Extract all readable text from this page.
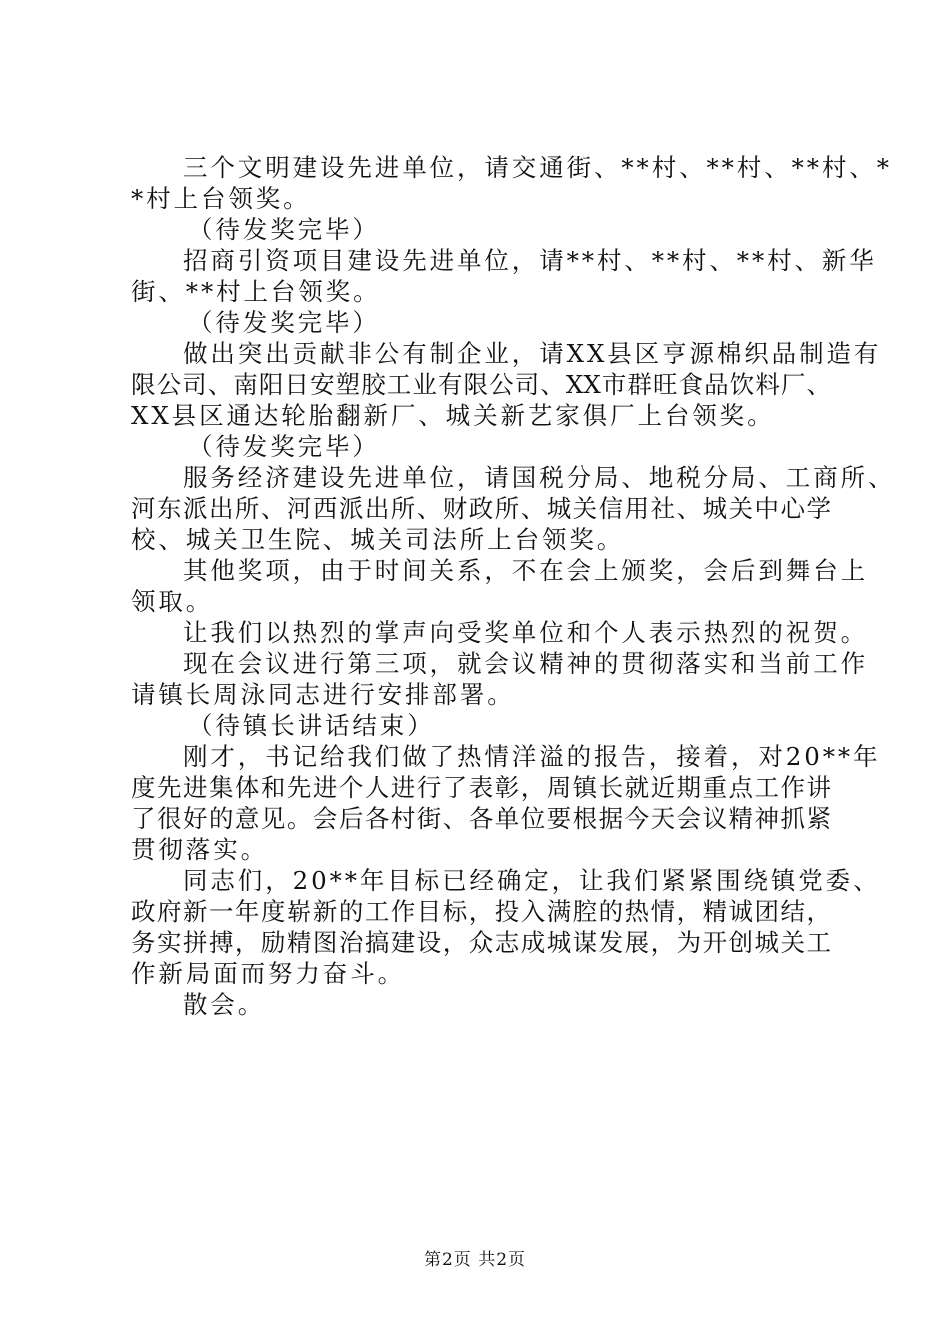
三个文明建设先进单位，请交通街、**村、**村、**村、*
*村上台领奖。
（待发奖完毕）
招商引资项目建设先进单位，请**村、**村、**村、新华
街、**村上台领奖。
（待发奖完毕）
做出突出贡献非公有制企业，请XX县区亨源棉织品制造有
限公司、南阳日安塑胶工业有限公司、XX市群旺食品饮料厂、
XX县区通达轮胎翻新厂、城关新艺家俱厂上台领奖。
（待发奖完毕）
服务经济建设先进单位，请国税分局、地税分局、工商所、
河东派出所、河西派出所、财政所、城关信用社、城关中心学
校、城关卫生院、城关司法所上台领奖。
其他奖项，由于时间关系，不在会上颁奖，会后到舞台上
领取。
让我们以热烈的掌声向受奖单位和个人表示热烈的祝贺。
现在会议进行第三项，就会议精神的贯彻落实和当前工作
请镇长周泳同志进行安排部署。
（待镇长讲话结束）
刚才，书记给我们做了热情洋溢的报告，接着，对20**年
度先进集体和先进个人进行了表彰，周镇长就近期重点工作讲
了很好的意见。会后各村街、各单位要根据今天会议精神抓紧
贯彻落实。
同志们，20**年目标已经确定，让我们紧紧围绕镇党委、
政府新一年度崭新的工作目标，投入满腔的热情，精诚团结，
务实拼搏，励精图治搞建设，众志成城谋发展，为开创城关工
作新局面而努力奋斗。
散会。
第2页 共2页
